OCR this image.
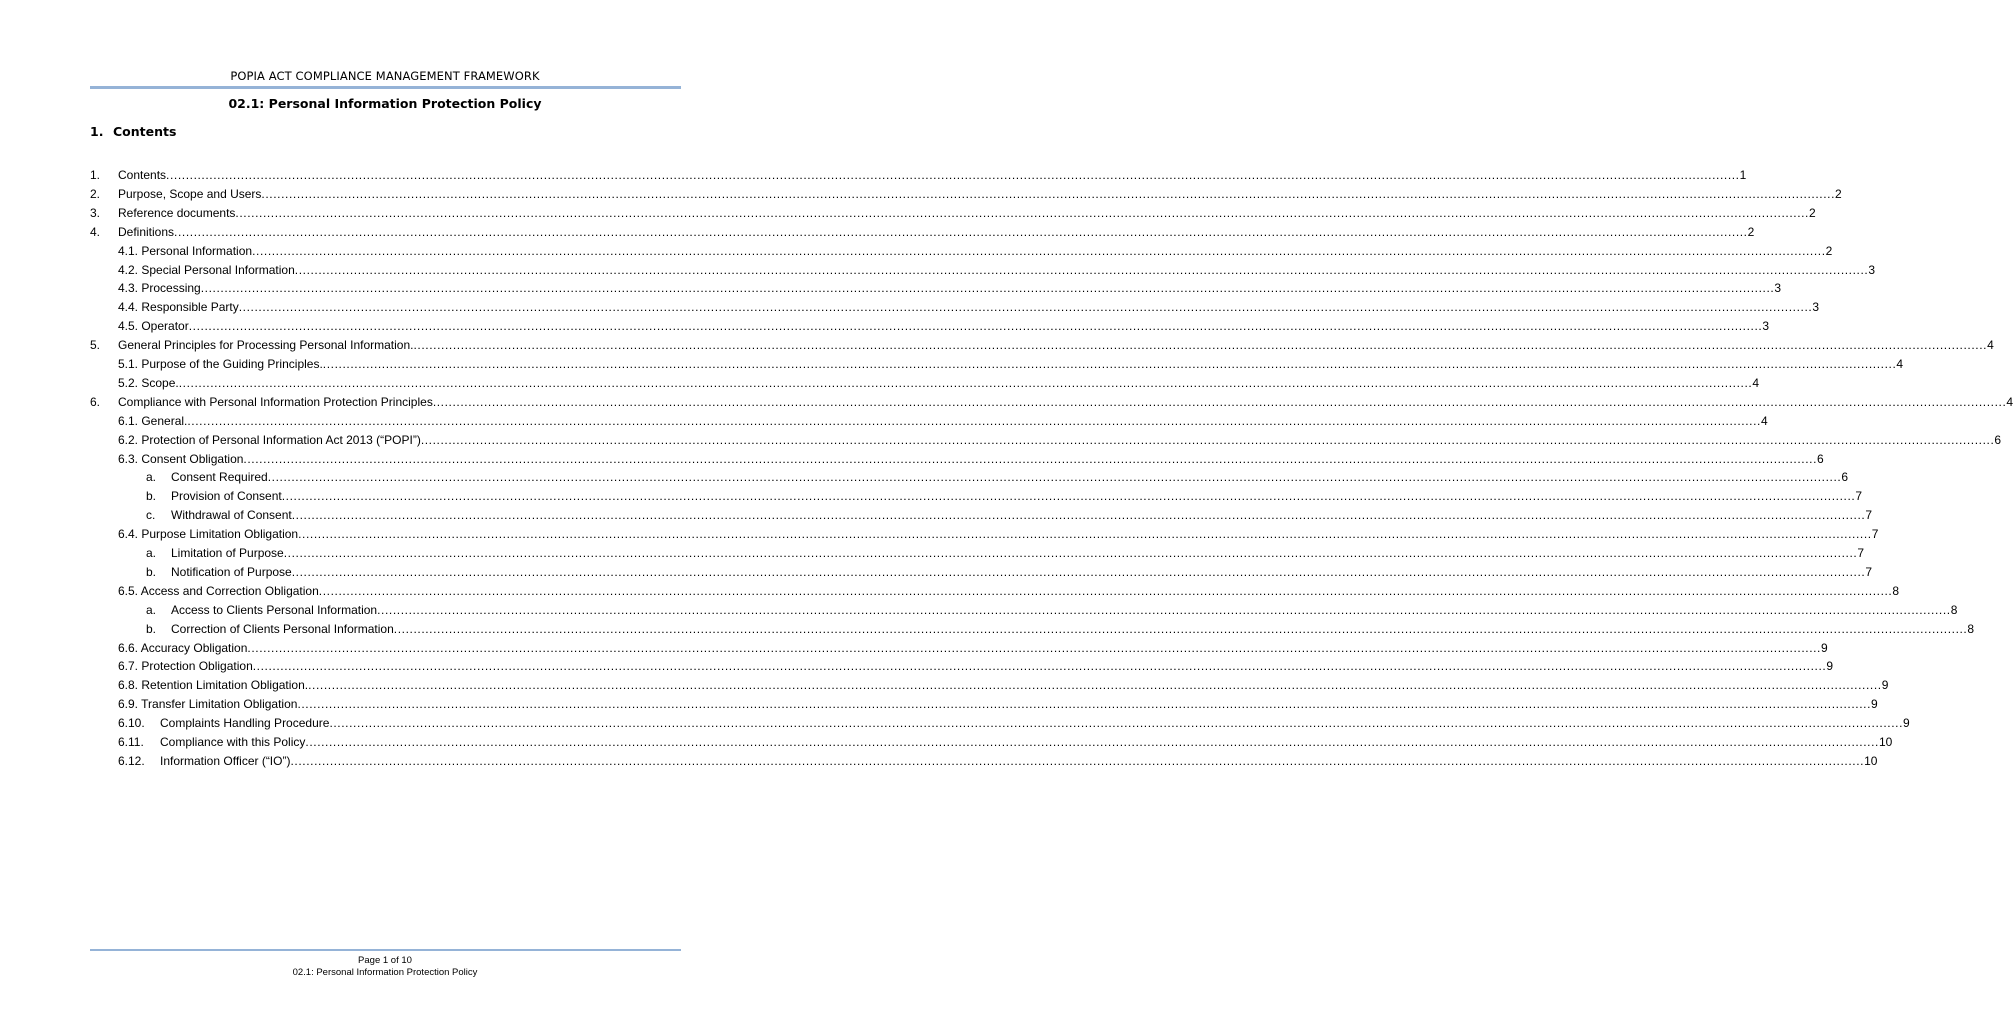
POPIA ACT COMPLIANCE MANAGEMENT FRAMEWORK
02.1: Personal Information Protection Policy
1. Contents
1. Contents ................................................................................................................................................................................................................................................................................................................................................................................................................ 1
2. Purpose, Scope and Users ................................................................................................................................................................................................................................................................................................................................................................................................................ 2
3. Reference documents ................................................................................................................................................................................................................................................................................................................................................................................................................ 2
4. Definitions ................................................................................................................................................................................................................................................................................................................................................................................................................ 2
4.1. Personal Information ................................................................................................................................................................................................................................................................................................................................................................................................................ 2
4.2. Special Personal Information ................................................................................................................................................................................................................................................................................................................................................................................................................ 3
4.3. Processing ................................................................................................................................................................................................................................................................................................................................................................................................................ 3
4.4. Responsible Party ................................................................................................................................................................................................................................................................................................................................................................................................................ 3
4.5. Operator ................................................................................................................................................................................................................................................................................................................................................................................................................ 3
5. General Principles for Processing Personal Information. ................................................................................................................................................................................................................................................................................................................................................................................................................ 4
5.1. Purpose of the Guiding Principles. ................................................................................................................................................................................................................................................................................................................................................................................................................ 4
5.2. Scope. ................................................................................................................................................................................................................................................................................................................................................................................................................ 4
6. Compliance with Personal Information Protection Principles ................................................................................................................................................................................................................................................................................................................................................................................................................ 4
6.1. General. ................................................................................................................................................................................................................................................................................................................................................................................................................ 4
6.2. Protection of Personal Information Act 2013 (“POPI”) ................................................................................................................................................................................................................................................................................................................................................................................................................ 6
6.3. Consent Obligation ................................................................................................................................................................................................................................................................................................................................................................................................................ 6
a. Consent Required ................................................................................................................................................................................................................................................................................................................................................................................................................ 6
b. Provision of Consent ................................................................................................................................................................................................................................................................................................................................................................................................................ 7
c. Withdrawal of Consent ................................................................................................................................................................................................................................................................................................................................................................................................................ 7
6.4. Purpose Limitation Obligation ................................................................................................................................................................................................................................................................................................................................................................................................................ 7
a. Limitation of Purpose ................................................................................................................................................................................................................................................................................................................................................................................................................ 7
b. Notification of Purpose ................................................................................................................................................................................................................................................................................................................................................................................................................ 7
6.5. Access and Correction Obligation ................................................................................................................................................................................................................................................................................................................................................................................................................ 8
a. Access to Clients Personal Information ................................................................................................................................................................................................................................................................................................................................................................................................................ 8
b. Correction of Clients Personal Information ................................................................................................................................................................................................................................................................................................................................................................................................................ 8
6.6. Accuracy Obligation ................................................................................................................................................................................................................................................................................................................................................................................................................ 9
6.7. Protection Obligation ................................................................................................................................................................................................................................................................................................................................................................................................................ 9
6.8. Retention Limitation Obligation. ................................................................................................................................................................................................................................................................................................................................................................................................................ 9
6.9. Transfer Limitation Obligation ................................................................................................................................................................................................................................................................................................................................................................................................................ 9
6.10. Complaints Handling Procedure ................................................................................................................................................................................................................................................................................................................................................................................................................ 9
6.11. Compliance with this Policy ................................................................................................................................................................................................................................................................................................................................................................................................................ 10
6.12. Information Officer (“IO”) ................................................................................................................................................................................................................................................................................................................................................................................................................ 10
Page 1 of 10
02.1: Personal Information Protection Policy
